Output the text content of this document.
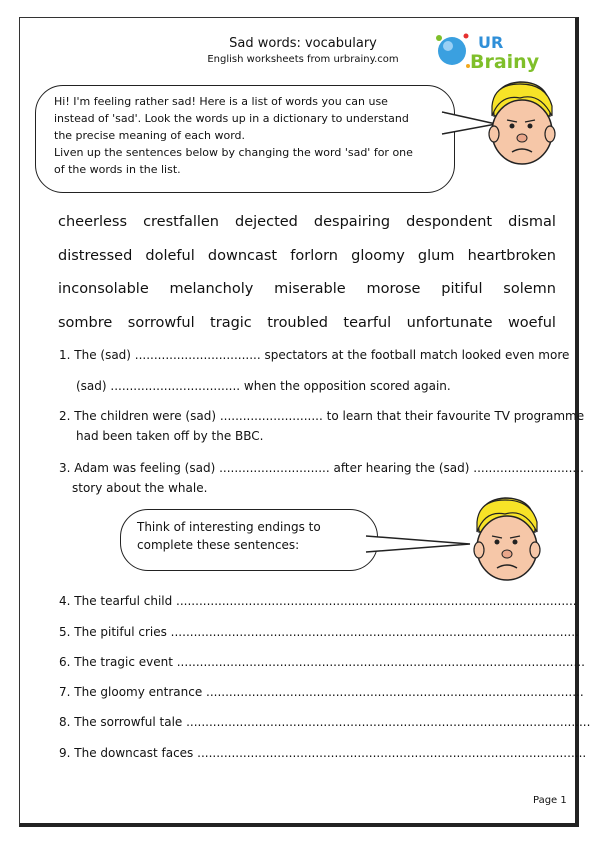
Sad words: vocabulary
English worksheets from urbrainy.com
UR
Brainy
Hi! I'm feeling rather sad! Here is a list of words you can use
instead of 'sad'. Look the words up in a dictionary to understand
the precise meaning of each word.
Liven up the sentences below by changing the word 'sad' for one
of the words in the list.
cheerless crestfallen dejected despairing despondent dismal
distressed doleful downcast forlorn gloomy glum heartbroken
inconsolable melancholy miserable morose pitiful solemn
sombre sorrowful tragic troubled tearful unfortunate woeful
1. The (sad) ................................. spectators at the football match looked even more
(sad) .................................. when the opposition scored again.
2. The children were (sad) ........................... to learn that their favourite TV programme
had been taken off by the BBC.
3. Adam was feeling (sad) ............................. after hearing the (sad) .............................
story about the whale.
Think of interesting endings to
complete these sentences:
4. The tearful child .........................................................................................................
5. The pitiful cries ...........................................................................................................
6. The tragic event ...........................................................................................................
7. The gloomy entrance ...................................................................................................
8. The sorrowful tale ..........................................................................................................
9. The downcast faces ......................................................................................................
Page 1
